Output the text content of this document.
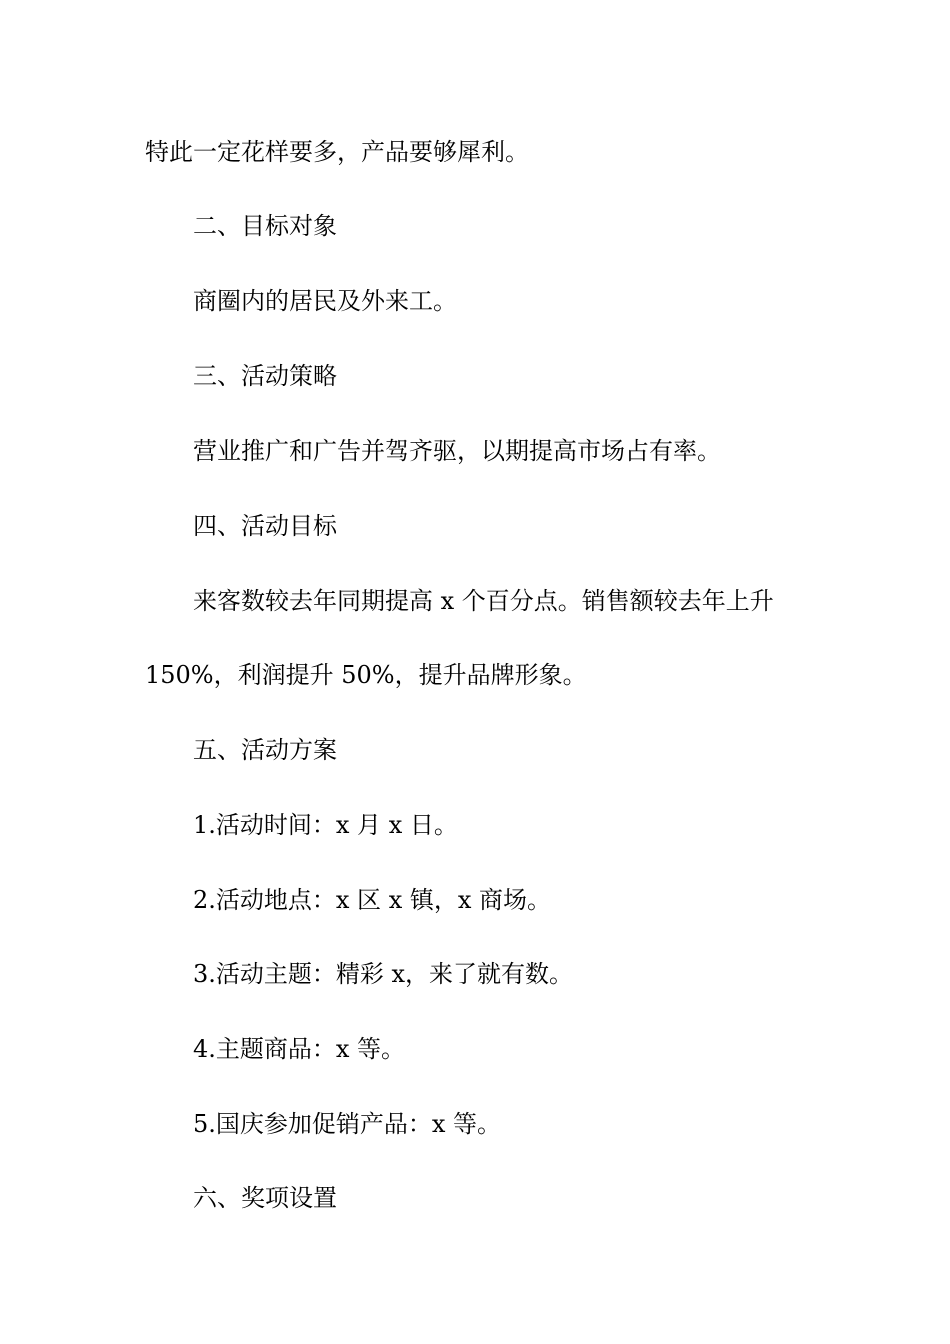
特此一定花样要多，产品要够犀利。

二、目标对象

商圈内的居民及外来工。

三、活动策略

营业推广和广告并驾齐驱，以期提高市场占有率。

四、活动目标

来客数较去年同期提高 x 个百分点。销售额较去年上升

150%，利润提升 50%，提升品牌形象。

五、活动方案

1.活动时间：x 月 x 日。

2.活动地点：x 区 x 镇，x 商场。

3.活动主题：精彩 x，来了就有数。

4.主题商品：x 等。

5.国庆参加促销产品：x 等。

六、奖项设置
